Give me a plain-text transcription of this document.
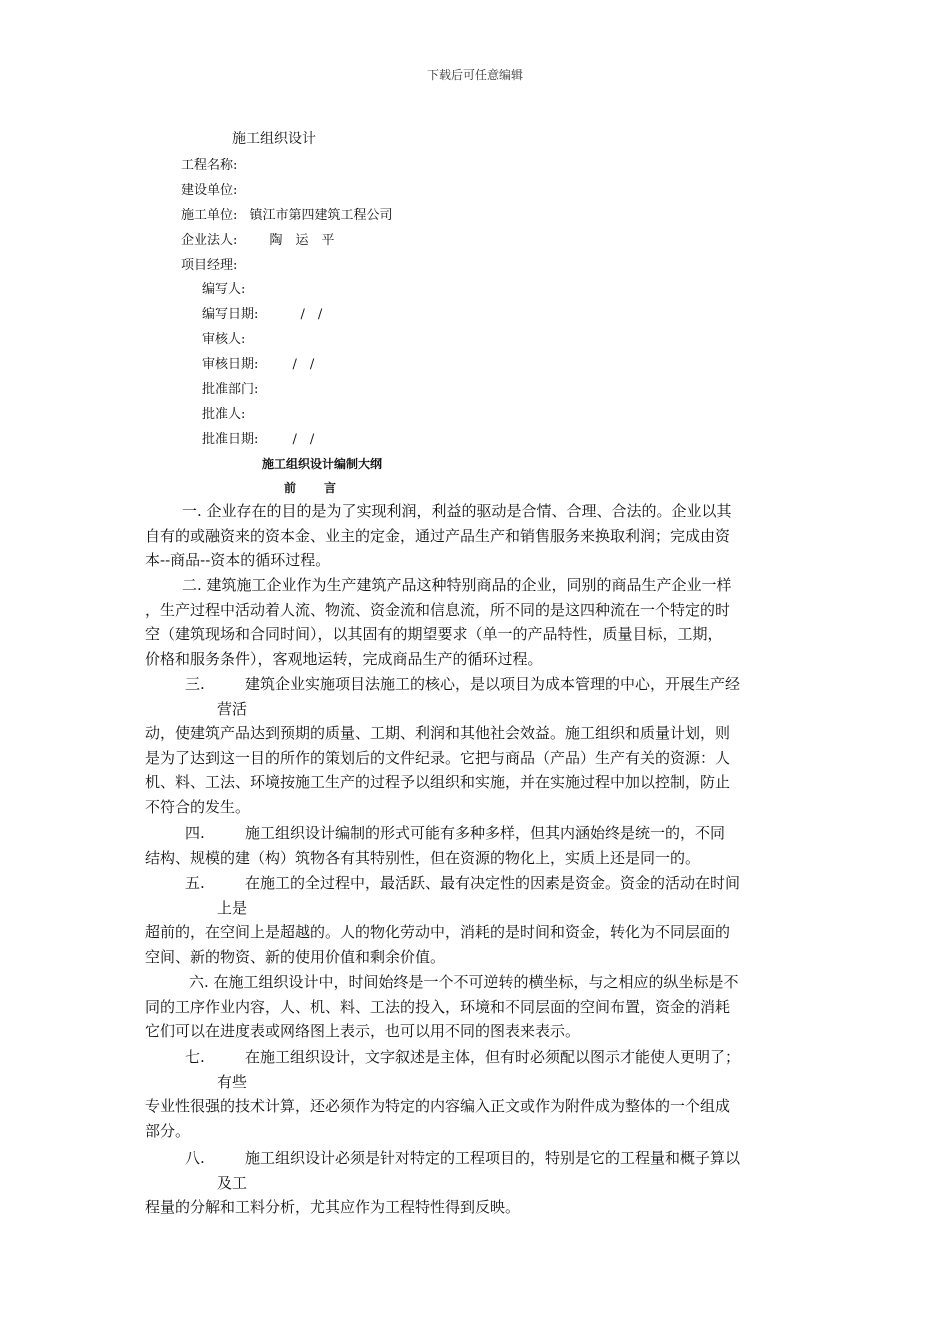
下载后可任意编辑
施工组织设计
工程名称:
建设单位:
施工单位: 镇江市第四建筑工程公司
企业法人: 陶　运　平
项目经理:
编写人:
编写日期:	/　/
审核人:
审核日期:	/　/
批准部门:
批准人:
批准日期:	/　/
施工组织设计编制大纲
前言
一. 企业存在的目的是为了实现利润，利益的驱动是合情、合理、合法的。企业以其
自有的或融资来的资本金、业主的定金，通过产品生产和销售服务来换取利润；完成由资
本--商品--资本的循环过程。
二. 建筑施工企业作为生产建筑产品这种特别商品的企业，同别的商品生产企业一样
，生产过程中活动着人流、物流、资金流和信息流，所不同的是这四种流在一个特定的时
空（建筑现场和合同时间），以其固有的期望要求（单一的产品特性，质量目标，工期，
价格和服务条件），客观地运转，完成商品生产的循环过程。
三.	建筑企业实施项目法施工的核心，是以项目为成本管理的中心，开展生产经
营活
动，使建筑产品达到预期的质量、工期、利润和其他社会效益。施工组织和质量计划，则
是为了达到这一目的所作的策划后的文件纪录。它把与商品（产品）生产有关的资源：人
机、料、工法、环境按施工生产的过程予以组织和实施，并在实施过程中加以控制，防止
不符合的发生。
四.	施工组织设计编制的形式可能有多种多样，但其内涵始终是统一的，不同
结构、规模的建（构）筑物各有其特别性，但在资源的物化上，实质上还是同一的。
五.	在施工的全过程中，最活跃、最有决定性的因素是资金。资金的活动在时间
上是
超前的，在空间上是超越的。人的物化劳动中，消耗的是时间和资金，转化为不同层面的
空间、新的物资、新的使用价值和剩余价值。
六. 在施工组织设计中，时间始终是一个不可逆转的横坐标，与之相应的纵坐标是不
同的工序作业内容，人、机、料、工法的投入，环境和不同层面的空间布置，资金的消耗
它们可以在进度表或网络图上表示，也可以用不同的图表来表示。
七.	在施工组织设计，文字叙述是主体，但有时必须配以图示才能使人更明了；
有些
专业性很强的技术计算，还必须作为特定的内容编入正文或作为附件成为整体的一个组成
部分。
八.	施工组织设计必须是针对特定的工程项目的，特别是它的工程量和概子算以
及工
程量的分解和工料分析，尤其应作为工程特性得到反映。
